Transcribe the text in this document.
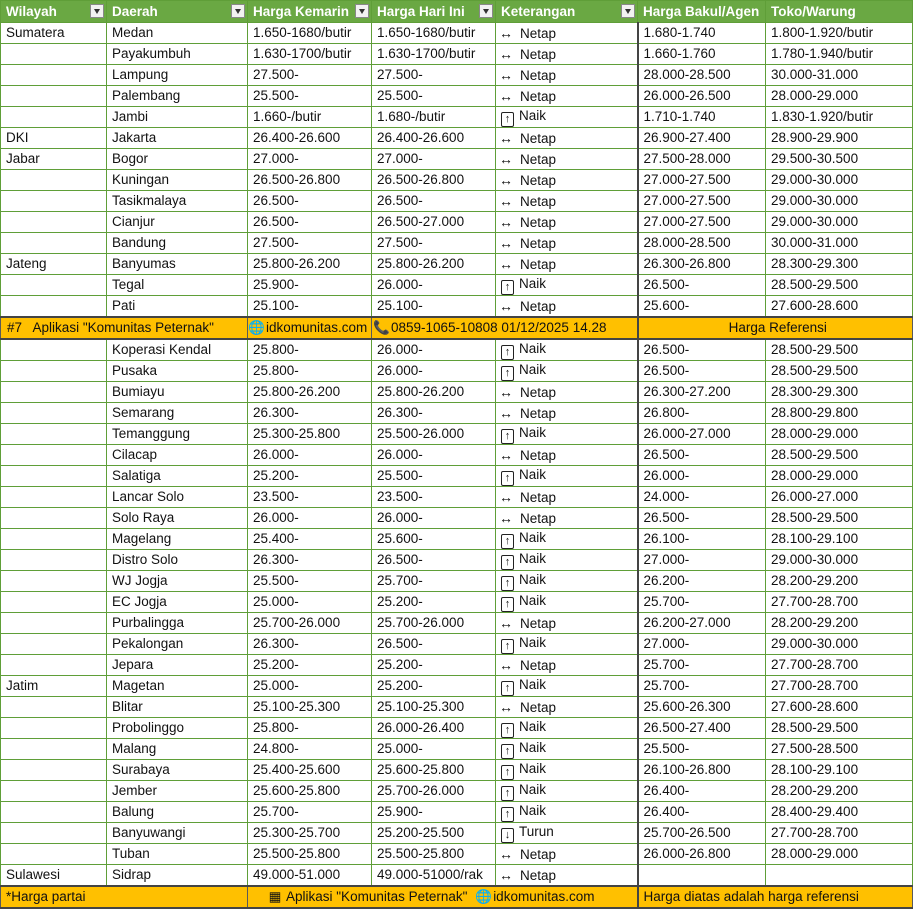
Wilayah	Daerah	Harga Kemarin	Harga Hari Ini	Keterangan	Harga Bakul/Agen	Toko/Warung
Sumatera	Medan	1.650-1680/butir	1.650-1680/butir	↔ Netap	1.680-1.740	1.800-1.920/butir
	Payakumbuh	1.630-1700/butir	1.630-1700/butir	↔ Netap	1.660-1.760	1.780-1.940/butir
	Lampung	27.500-	27.500-	↔ Netap	28.000-28.500	30.000-31.000
	Palembang	25.500-	25.500-	↔ Netap	26.000-26.500	28.000-29.000
	Jambi	1.660-/butir	1.680-/butir	↑ Naik	1.710-1.740	1.830-1.920/butir
DKI	Jakarta	26.400-26.600	26.400-26.600	↔ Netap	26.900-27.400	28.900-29.900
Jabar	Bogor	27.000-	27.000-	↔ Netap	27.500-28.000	29.500-30.500
	Kuningan	26.500-26.800	26.500-26.800	↔ Netap	27.000-27.500	29.000-30.000
	Tasikmalaya	26.500-	26.500-	↔ Netap	27.000-27.500	29.000-30.000
	Cianjur	26.500-	26.500-27.000	↔ Netap	27.000-27.500	29.000-30.000
	Bandung	27.500-	27.500-	↔ Netap	28.000-28.500	30.000-31.000
Jateng	Banyumas	25.800-26.200	25.800-26.200	↔ Netap	26.300-26.800	28.300-29.300
	Tegal	25.900-	26.000-	↑ Naik	26.500-	28.500-29.500
	Pati	25.100-	25.100-	↔ Netap	25.600-	27.600-28.600
#7 Aplikasi "Komunitas Peternak"		🌐idkomunitas.com	📞0859-1065-10808 01/12/2025 14.28		Harga Referensi	
	Koperasi Kendal	25.800-	26.000-	↑ Naik	26.500-	28.500-29.500
	Pusaka	25.800-	26.000-	↑ Naik	26.500-	28.500-29.500
	Bumiayu	25.800-26.200	25.800-26.200	↔ Netap	26.300-27.200	28.300-29.300
	Semarang	26.300-	26.300-	↔ Netap	26.800-	28.800-29.800
	Temanggung	25.300-25.800	25.500-26.000	↑ Naik	26.000-27.000	28.000-29.000
	Cilacap	26.000-	26.000-	↔ Netap	26.500-	28.500-29.500
	Salatiga	25.200-	25.500-	↑ Naik	26.000-	28.000-29.000
	Lancar Solo	23.500-	23.500-	↔ Netap	24.000-	26.000-27.000
	Solo Raya	26.000-	26.000-	↔ Netap	26.500-	28.500-29.500
	Magelang	25.400-	25.600-	↑ Naik	26.100-	28.100-29.100
	Distro Solo	26.300-	26.500-	↑ Naik	27.000-	29.000-30.000
	WJ Jogja	25.500-	25.700-	↑ Naik	26.200-	28.200-29.200
	EC Jogja	25.000-	25.200-	↑ Naik	25.700-	27.700-28.700
	Purbalingga	25.700-26.000	25.700-26.000	↔ Netap	26.200-27.000	28.200-29.200
	Pekalongan	26.300-	26.500-	↑ Naik	27.000-	29.000-30.000
	Jepara	25.200-	25.200-	↔ Netap	25.700-	27.700-28.700
Jatim	Magetan	25.000-	25.200-	↑ Naik	25.700-	27.700-28.700
	Blitar	25.100-25.300	25.100-25.300	↔ Netap	25.600-26.300	27.600-28.600
	Probolinggo	25.800-	26.000-26.400	↑ Naik	26.500-27.400	28.500-29.500
	Malang	24.800-	25.000-	↑ Naik	25.500-	27.500-28.500
	Surabaya	25.400-25.600	25.600-25.800	↑ Naik	26.100-26.800	28.100-29.100
	Jember	25.600-25.800	25.700-26.000	↑ Naik	26.400-	28.200-29.200
	Balung	25.700-	25.900-	↑ Naik	26.400-	28.400-29.400
	Banyuwangi	25.300-25.700	25.200-25.500	↓ Turun	25.700-26.500	27.700-28.700
	Tuban	25.500-25.800	25.500-25.800	↔ Netap	26.000-26.800	28.000-29.000
Sulawesi	Sidrap	49.000-51.000	49.000-51000/rak	↔ Netap		
*Harga partai		▦ Aplikasi "Komunitas Peternak" 🌐idkomunitas.com			Harga diatas adalah harga referensi	
